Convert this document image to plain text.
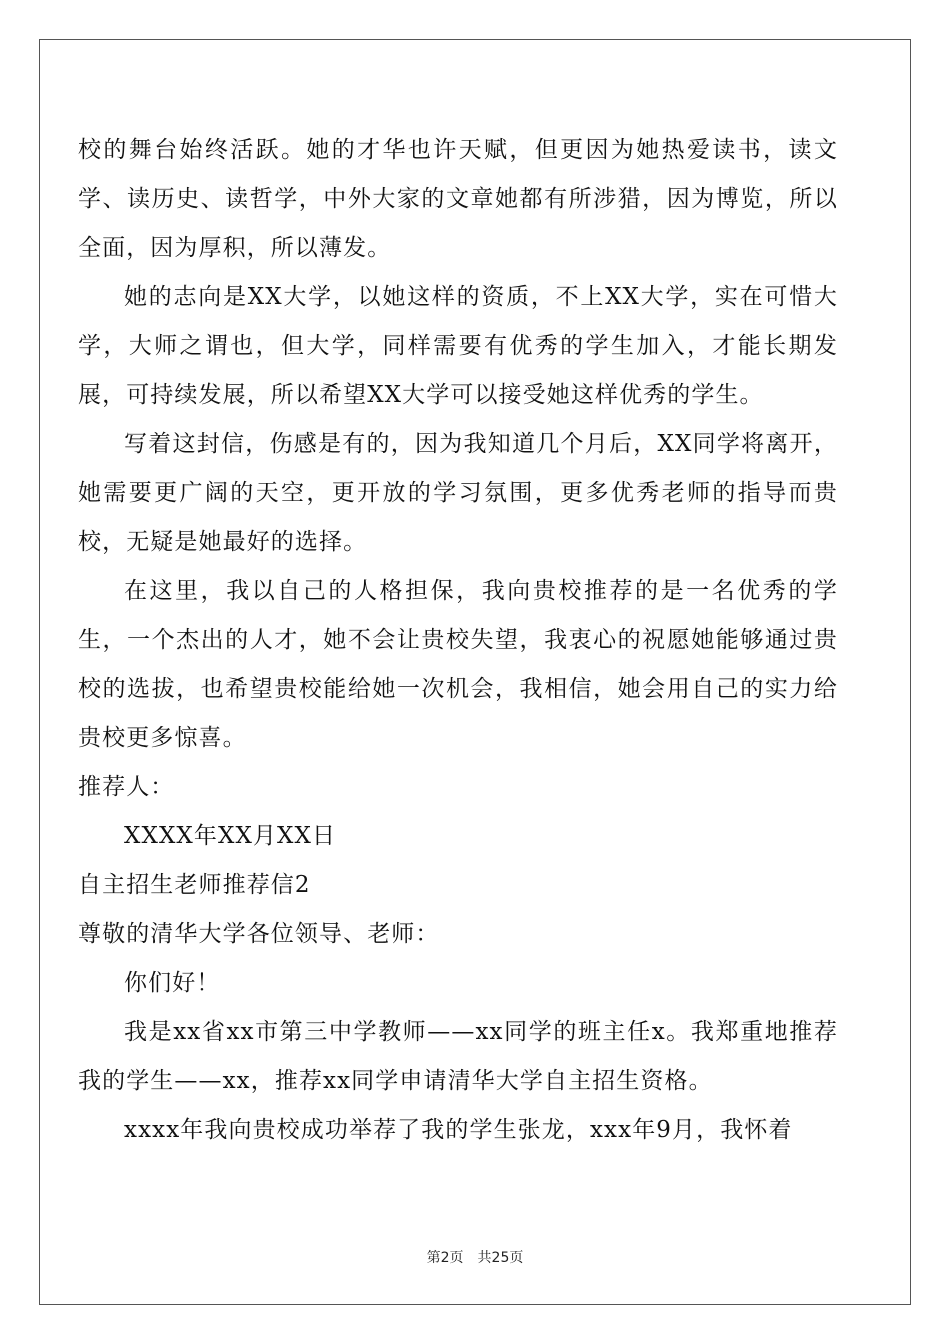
校的舞台始终活跃。她的才华也许天赋，但更因为她热爱读书，读文学、读历史、读哲学，中外大家的文章她都有所涉猎，因为博览，所以全面，因为厚积，所以薄发。

她的志向是XX大学，以她这样的资质，不上XX大学，实在可惜大学，大师之谓也，但大学，同样需要有优秀的学生加入，才能长期发展，可持续发展，所以希望XX大学可以接受她这样优秀的学生。

写着这封信，伤感是有的，因为我知道几个月后，XX同学将离开，她需要更广阔的天空，更开放的学习氛围，更多优秀老师的指导而贵校，无疑是她最好的选择。

在这里，我以自己的人格担保，我向贵校推荐的是一名优秀的学生，一个杰出的人才，她不会让贵校失望，我衷心的祝愿她能够通过贵校的选拔，也希望贵校能给她一次机会，我相信，她会用自己的实力给贵校更多惊喜。

推荐人：

XXXX年XX月XX日

自主招生老师推荐信2

尊敬的清华大学各位领导、老师：

你们好！

我是xx省xx市第三中学教师——xx同学的班主任x。我郑重地推荐我的学生——xx，推荐xx同学申请清华大学自主招生资格。

xxxx年我向贵校成功举荐了我的学生张龙，xxx年9月，我怀着

第2页 共25页
